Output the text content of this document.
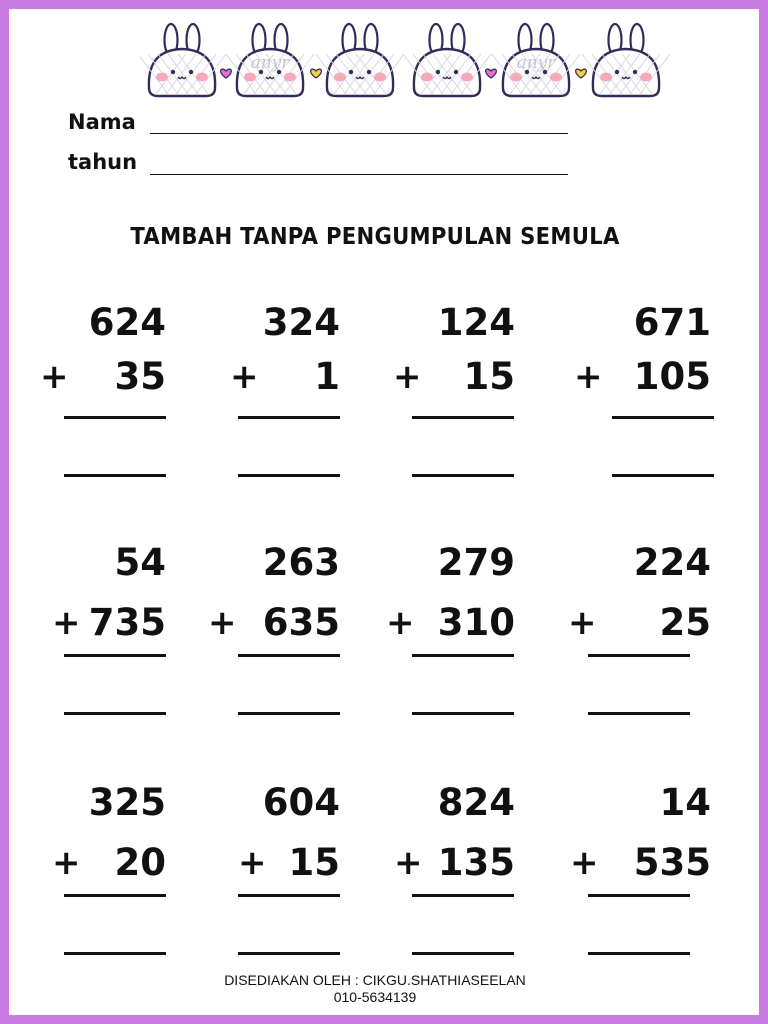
anyr	anyr
Nama
tahun
TAMBAH TANPA PENGUMPULAN SEMULA
624
35
+
324
1
+
124
15
+
671
105
+
54
735
+
263
635
+
279
310
+
224
25
+
325
20
+
604
15
+
824
135
+
14
535
+
DISEDIAKAN OLEH : CIKGU.SHATHIASEELAN
010-5634139
